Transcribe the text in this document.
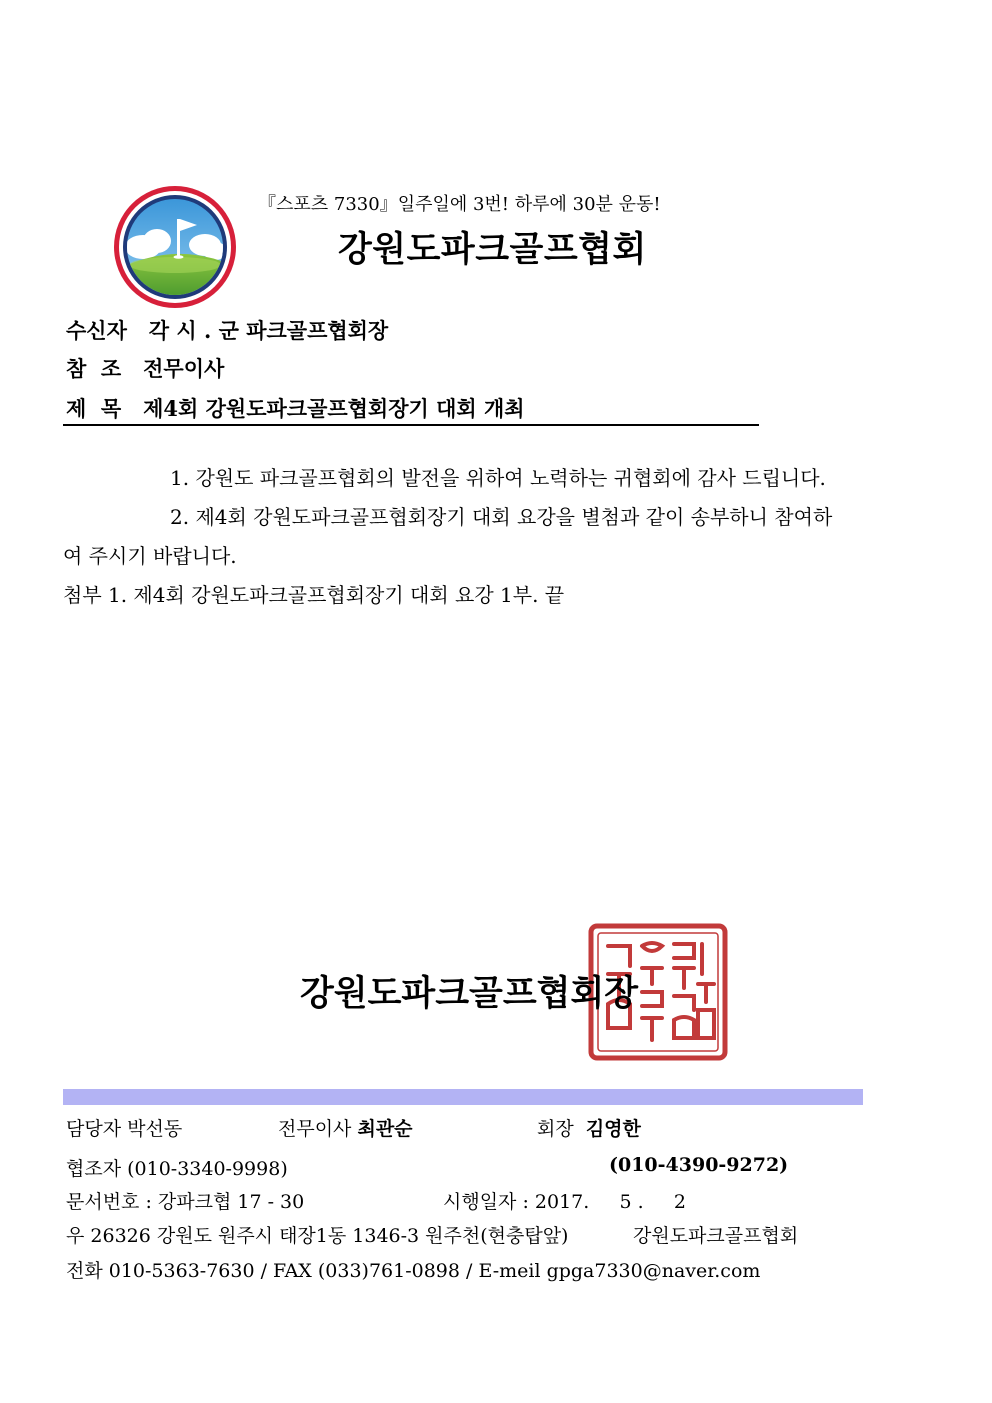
『스포츠 7330』일주일에 3번! 하루에 30분 운동!
강원도파크골프협회
수신자 각 시 . 군 파크골프협회장
참  조 전무이사
제  목 제4회 강원도파크골프협회장기 대회 개최
1. 강원도 파크골프협회의 발전을 위하여 노력하는 귀협회에 감사 드립니다.
2. 제4회 강원도파크골프협회장기 대회 요강을 별첨과 같이 송부하니 참여하
여 주시기 바랍니다.
첨부 1. 제4회 강원도파크골프협회장기 대회 요강 1부. 끝
강원도파크골프협회장
담당자 박선동	전무이사 최관순	회장 김영한
협조자 (010-3340-9998)	(010-4390-9272)
문서번호 : 강파크협 17 - 30	시행일자 : 2017.     5 .     2
우 26326 강원도 원주시 태장1동 1346-3 원주천(현충탑앞)	강원도파크골프협회
전화 010-5363-7630 / FAX (033)761-0898 / E-meil gpga7330@naver.com
